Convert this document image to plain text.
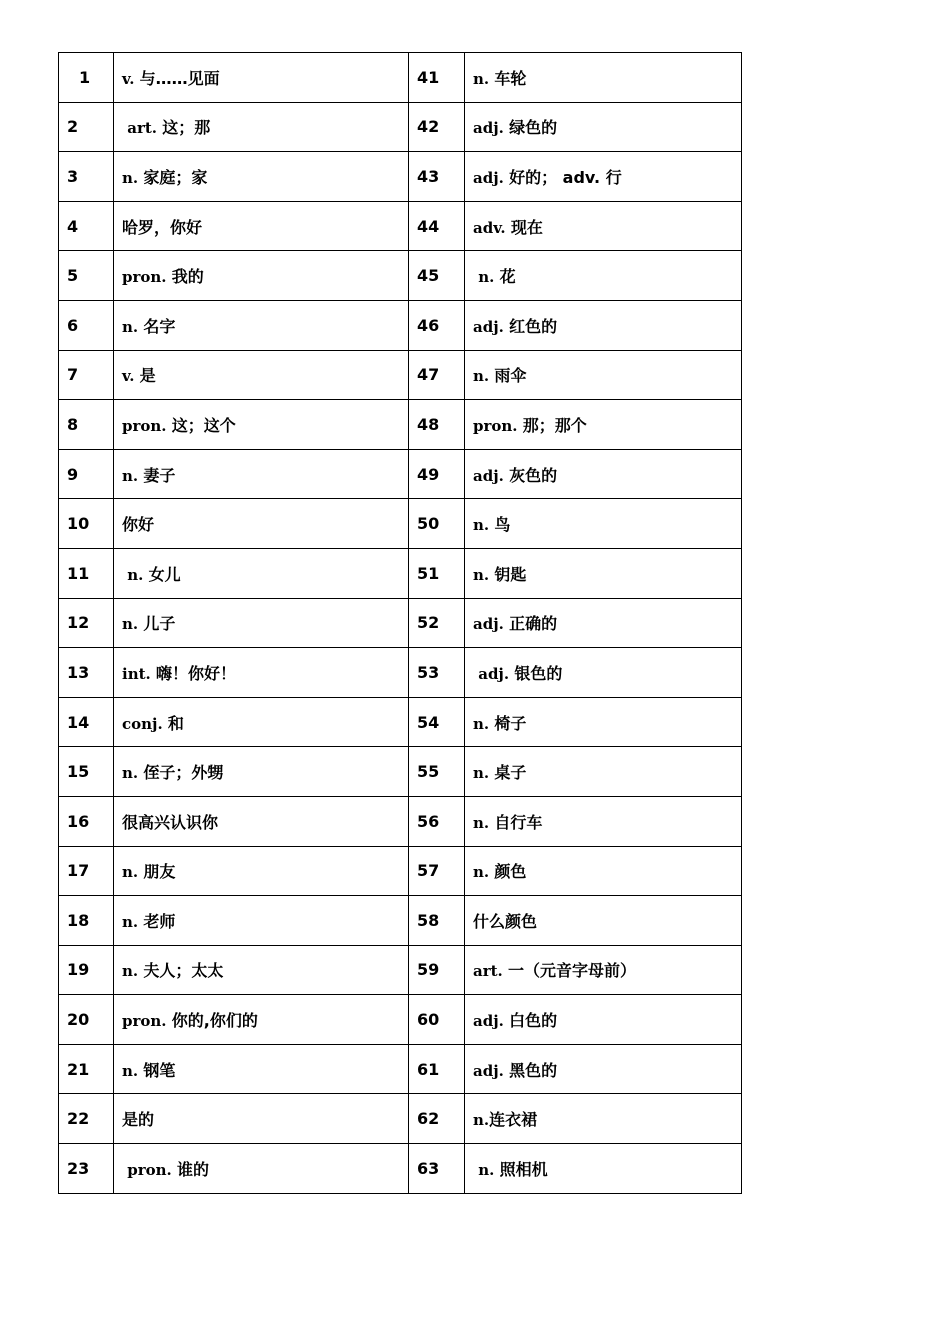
1	v. 与……见面	41	n. 车轮
2	art. 这；那	42	adj. 绿色的
3	n. 家庭；家	43	adj. 好的； adv. 行
4	哈罗，你好	44	adv. 现在
5	pron. 我的	45	n. 花
6	n. 名字	46	adj. 红色的
7	v. 是	47	n. 雨伞
8	pron. 这；这个	48	pron. 那；那个
9	n. 妻子	49	adj. 灰色的
10	你好	50	n. 鸟
11	n. 女儿	51	n. 钥匙
12	n. 儿子	52	adj. 正确的
13	int. 嗨！你好！	53	adj. 银色的
14	conj. 和	54	n. 椅子
15	n. 侄子；外甥	55	n. 桌子
16	很高兴认识你	56	n. 自行车
17	n. 朋友	57	n. 颜色
18	n. 老师	58	什么颜色
19	n. 夫人；太太	59	art. 一（元音字母前）
20	pron. 你的,你们的	60	adj. 白色的
21	n. 钢笔	61	adj. 黑色的
22	是的	62	n.连衣裙
23	pron. 谁的	63	n. 照相机
